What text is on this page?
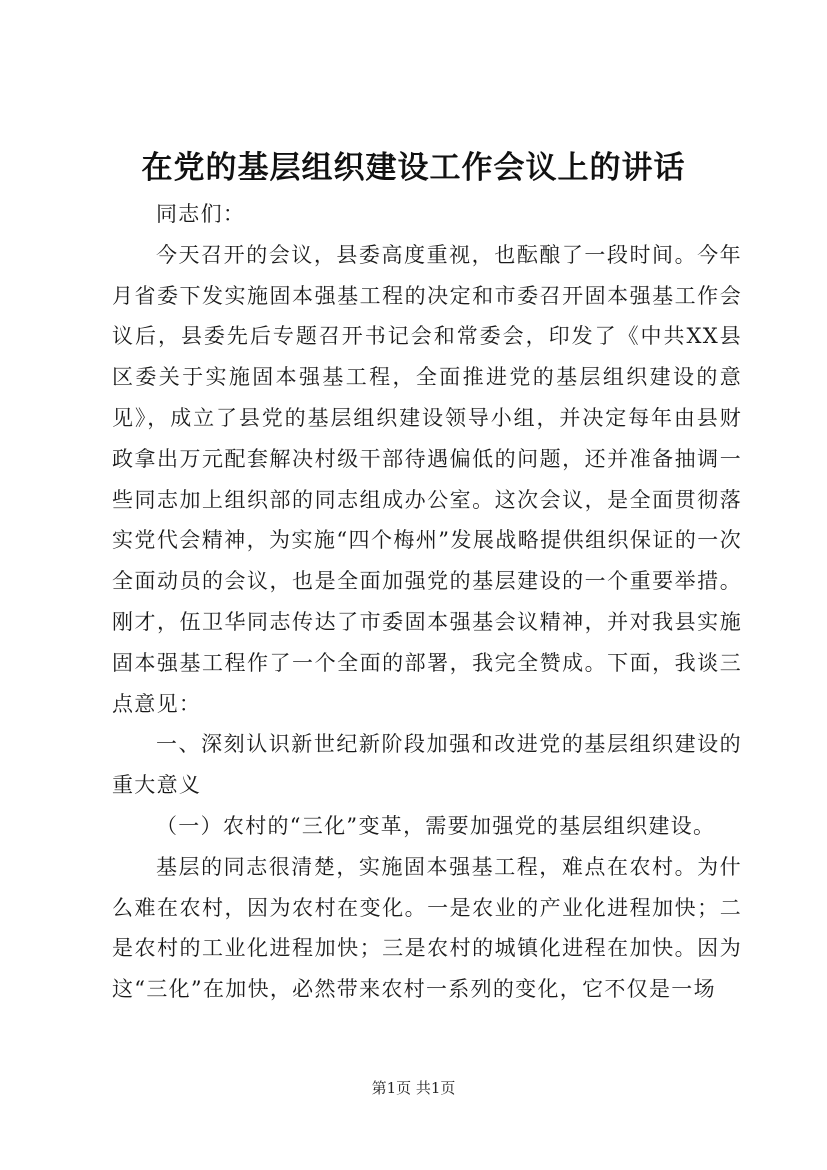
在党的基层组织建设工作会议上的讲话

同志们：

今天召开的会议，县委高度重视，也酝酿了一段时间。今年月省委下发实施固本强基工程的决定和市委召开固本强基工作会议后，县委先后专题召开书记会和常委会，印发了《中共XX县区委关于实施固本强基工程，全面推进党的基层组织建设的意见》，成立了县党的基层组织建设领导小组，并决定每年由县财政拿出万元配套解决村级干部待遇偏低的问题，还并准备抽调一些同志加上组织部的同志组成办公室。这次会议，是全面贯彻落实党代会精神，为实施“四个梅州”发展战略提供组织保证的一次全面动员的会议，也是全面加强党的基层建设的一个重要举措。刚才，伍卫华同志传达了市委固本强基会议精神，并对我县实施固本强基工程作了一个全面的部署，我完全赞成。下面，我谈三点意见：

一、深刻认识新世纪新阶段加强和改进党的基层组织建设的重大意义

（一）农村的“三化”变革，需要加强党的基层组织建设。

基层的同志很清楚，实施固本强基工程，难点在农村。为什么难在农村，因为农村在变化。一是农业的产业化进程加快；二是农村的工业化进程加快；三是农村的城镇化进程在加快。因为这“三化”在加快，必然带来农村一系列的变化，它不仅是一场

第1页 共1页
